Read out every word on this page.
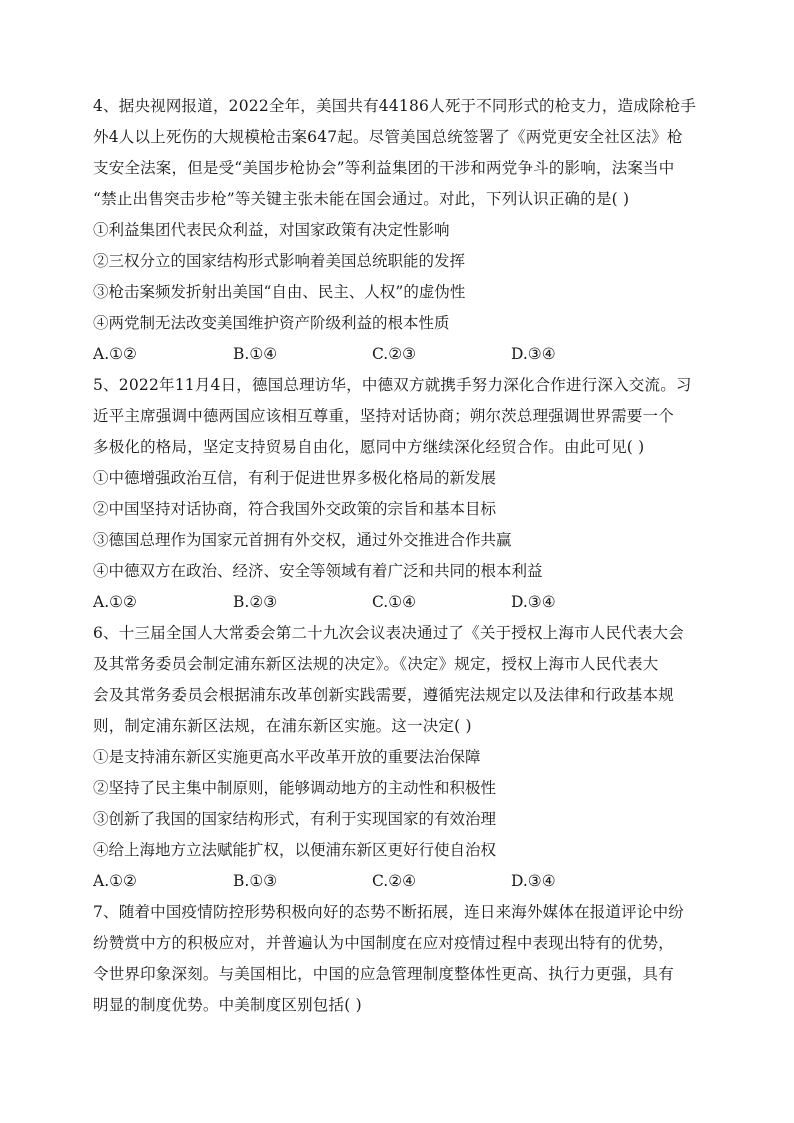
4、据央视网报道，2022全年，美国共有44186人死于不同形式的枪支力，造成除枪手
外4人以上死伤的大规模枪击案647起。尽管美国总统签署了《两党更安全社区法》枪
支安全法案，但是受“美国步枪协会”等利益集团的干涉和两党争斗的影响，法案当中
“禁止出售突击步枪”等关键主张未能在国会通过。对此，下列认识正确的是( )
①利益集团代表民众利益，对国家政策有决定性影响
②三权分立的国家结构形式影响着美国总统职能的发挥
③枪击案频发折射出美国“自由、民主、人权”的虚伪性
④两党制无法改变美国维护资产阶级利益的根本性质
A.①②	B.①④	C.②③	D.③④
5、2022年11月4日，德国总理访华，中德双方就携手努力深化合作进行深入交流。习
近平主席强调中德两国应该相互尊重，坚持对话协商；朔尔茨总理强调世界需要一个
多极化的格局，坚定支持贸易自由化，愿同中方继续深化经贸合作。由此可见( )
①中德增强政治互信，有利于促进世界多极化格局的新发展
②中国坚持对话协商，符合我国外交政策的宗旨和基本目标
③德国总理作为国家元首拥有外交权，通过外交推进合作共赢
④中德双方在政治、经济、安全等领域有着广泛和共同的根本利益
A.①②	B.②③	C.①④	D.③④
6、十三届全国人大常委会第二十九次会议表决通过了《关于授权上海市人民代表大会
及其常务委员会制定浦东新区法规的决定》。《决定》规定，授权上海市人民代表大
会及其常务委员会根据浦东改革创新实践需要，遵循宪法规定以及法律和行政基本规
则，制定浦东新区法规，在浦东新区实施。这一决定( )
①是支持浦东新区实施更高水平改革开放的重要法治保障
②坚持了民主集中制原则，能够调动地方的主动性和积极性
③创新了我国的国家结构形式，有利于实现国家的有效治理
④给上海地方立法赋能扩权，以便浦东新区更好行使自治权
A.①②	B.①③	C.②④	D.③④
7、随着中国疫情防控形势积极向好的态势不断拓展，连日来海外媒体在报道评论中纷
纷赞赏中方的积极应对，并普遍认为中国制度在应对疫情过程中表现出特有的优势，
令世界印象深刻。与美国相比，中国的应急管理制度整体性更高、执行力更强，具有
明显的制度优势。中美制度区别包括( )
